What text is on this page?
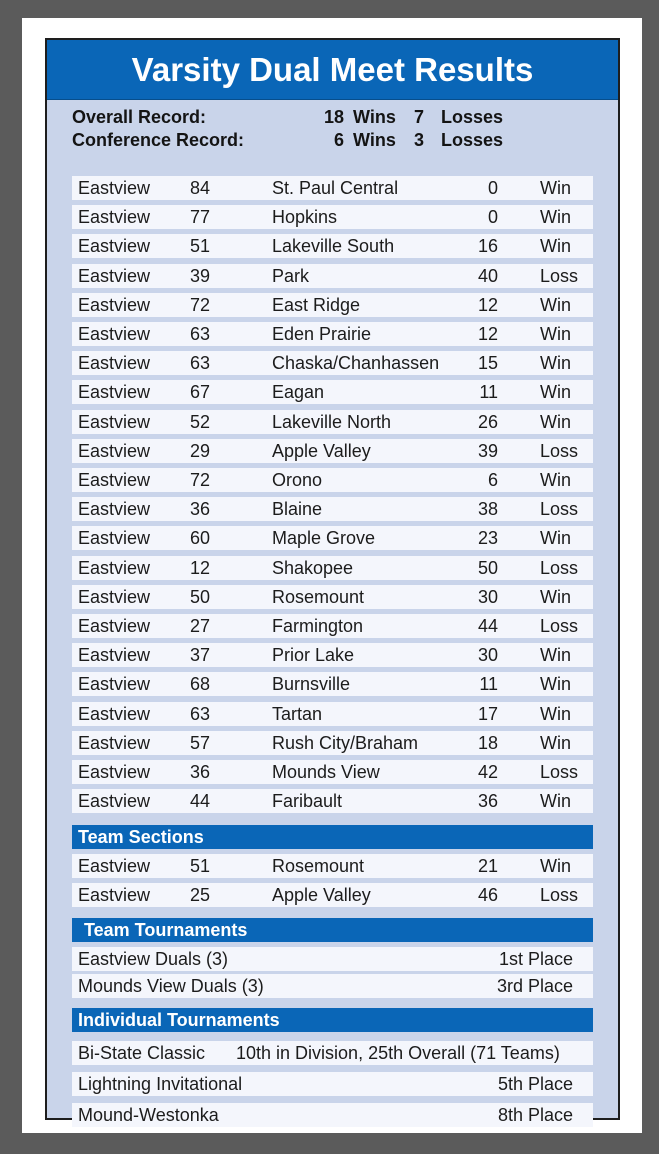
Varsity Dual Meet Results
Overall Record:	18 Wins	7 Losses
Conference Record:	6 Wins	3 Losses
Eastview 84	St. Paul Central	0 Win
Eastview 77	Hopkins	0 Win
Eastview 51	Lakeville South	16 Win
Eastview 39	Park	40 Loss
Eastview 72	East Ridge	12 Win
Eastview 63	Eden Prairie	12 Win
Eastview 63	Chaska/Chanhassen	15 Win
Eastview 67	Eagan	11 Win
Eastview 52	Lakeville North	26 Win
Eastview 29	Apple Valley	39 Loss
Eastview 72	Orono	6 Win
Eastview 36	Blaine	38 Loss
Eastview 60	Maple Grove	23 Win
Eastview 12	Shakopee	50 Loss
Eastview 50	Rosemount	30 Win
Eastview 27	Farmington	44 Loss
Eastview 37	Prior Lake	30 Win
Eastview 68	Burnsville	11 Win
Eastview 63	Tartan	17 Win
Eastview 57	Rush City/Braham	18 Win
Eastview 36	Mounds View	42 Loss
Eastview 44	Faribault	36 Win
Team Sections
Eastview 51	Rosemount	21 Win
Eastview 25	Apple Valley	46 Loss
Team Tournaments
Eastview Duals (3)	1st Place
Mounds View Duals (3)	3rd Place
Individual Tournaments
Bi-State Classic 10th in Division, 25th Overall (71 Teams)
Lightning Invitational	5th Place
Mound-Westonka	8th Place
